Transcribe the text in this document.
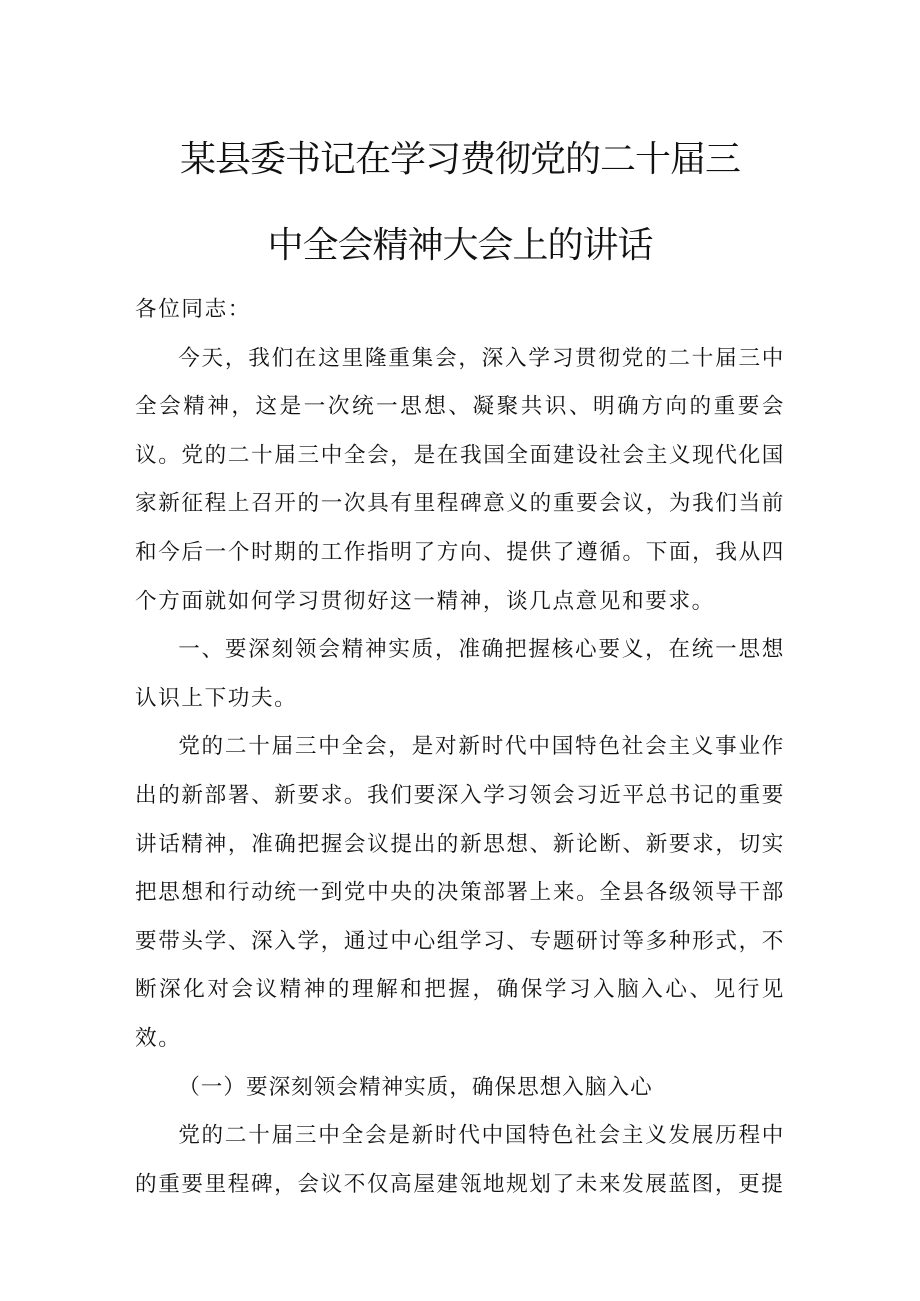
某县委书记在学习费彻党的二十届三
中全会精神大会上的讲话

各位同志：

今天，我们在这里隆重集会，深入学习贯彻党的二十届三中全会精神，这是一次统一思想、凝聚共识、明确方向的重要会议。党的二十届三中全会，是在我国全面建设社会主义现代化国家新征程上召开的一次具有里程碑意义的重要会议，为我们当前和今后一个时期的工作指明了方向、提供了遵循。下面，我从四个方面就如何学习贯彻好这一精神，谈几点意见和要求。

一、要深刻领会精神实质，准确把握核心要义，在统一思想认识上下功夫。

党的二十届三中全会，是对新时代中国特色社会主义事业作出的新部署、新要求。我们要深入学习领会习近平总书记的重要讲话精神，准确把握会议提出的新思想、新论断、新要求，切实把思想和行动统一到党中央的决策部署上来。全县各级领导干部要带头学、深入学，通过中心组学习、专题研讨等多种形式，不断深化对会议精神的理解和把握，确保学习入脑入心、见行见效。

（一）要深刻领会精神实质，确保思想入脑入心

党的二十届三中全会是新时代中国特色社会主义发展历程中的重要里程碑，会议不仅高屋建瓴地规划了未来发展蓝图，更提
